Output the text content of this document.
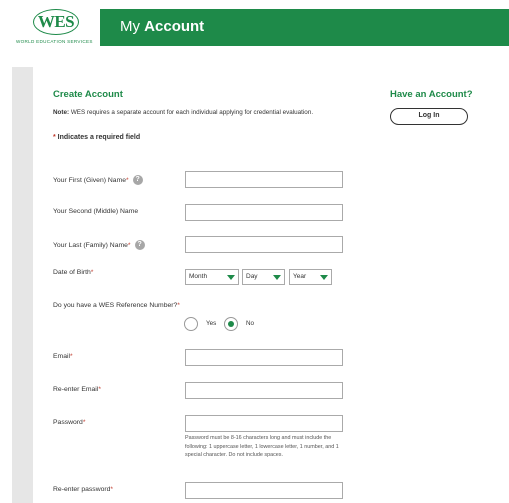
WES
WORLD EDUCATION SERVICES
My Account
Create Account
Note: WES requires a separate account for each individual applying for credential evaluation.
* Indicates a required field
Your First (Given) Name* ?
Your Second (Middle) Name
Your Last (Family) Name* ?
Date of Birth*
Month	Day	Year
Do you have a WES Reference Number?*
Yes	No
Email*
Re-enter Email*
Password*
Password must be 8-16 characters long and must include the following: 1 uppercase letter, 1 lowercase letter, 1 number, and 1 special character. Do not include spaces.
Re-enter password*
Have an Account?
Log In
